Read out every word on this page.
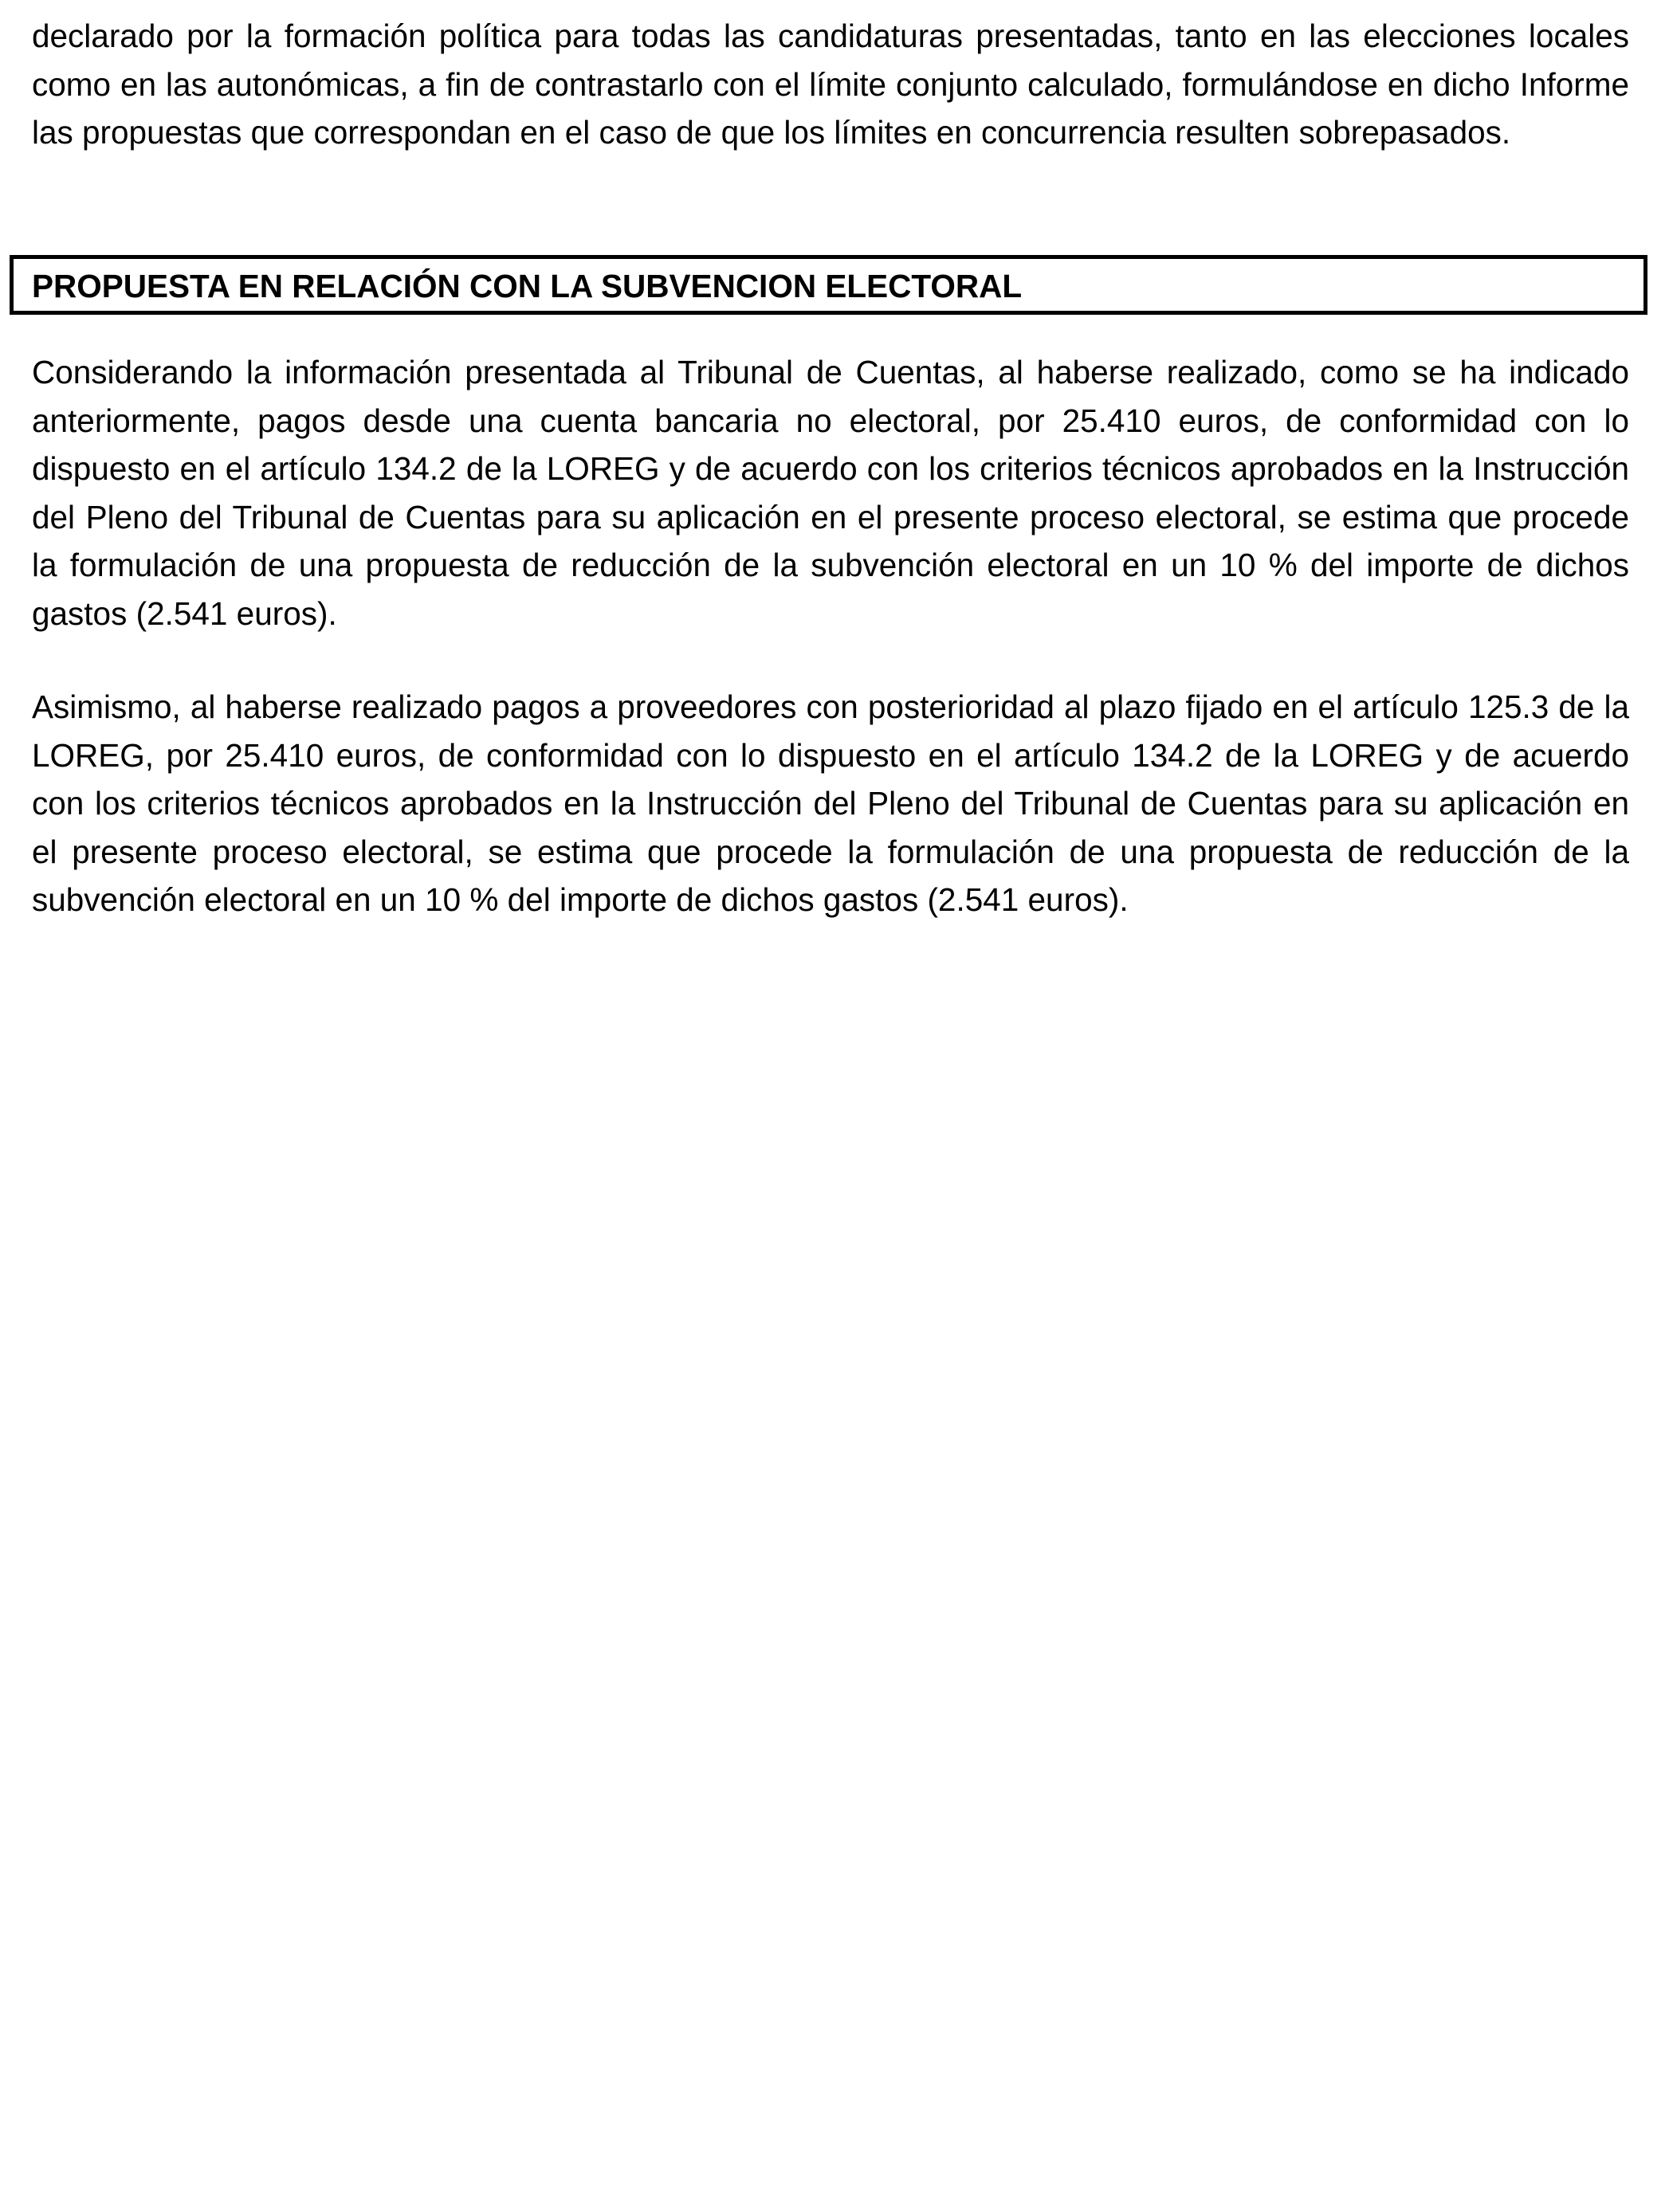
declarado por la formación política para todas las candidaturas presentadas, tanto en las elecciones locales como en las autonómicas, a fin de contrastarlo con el límite conjunto calculado, formulándose en dicho Informe las propuestas que correspondan en el caso de que los límites en concurrencia resulten sobrepasados.

PROPUESTA EN RELACIÓN CON LA SUBVENCION ELECTORAL

Considerando la información presentada al Tribunal de Cuentas, al haberse realizado, como se ha indicado anteriormente, pagos desde una cuenta bancaria no electoral, por 25.410 euros, de conformidad con lo dispuesto en el artículo 134.2 de la LOREG y de acuerdo con los criterios técnicos aprobados en la Instrucción del Pleno del Tribunal de Cuentas para su aplicación en el presente proceso electoral, se estima que procede la formulación de una propuesta de reducción de la subvención electoral en un 10 % del importe de dichos gastos (2.541 euros).

Asimismo, al haberse realizado pagos a proveedores con posterioridad al plazo fijado en el artículo 125.3 de la LOREG, por 25.410 euros, de conformidad con lo dispuesto en el artículo 134.2 de la LOREG y de acuerdo con los criterios técnicos aprobados en la Instrucción del Pleno del Tribunal de Cuentas para su aplicación en el presente proceso electoral, se estima que procede la formulación de una propuesta de reducción de la subvención electoral en un 10 % del importe de dichos gastos (2.541 euros).
